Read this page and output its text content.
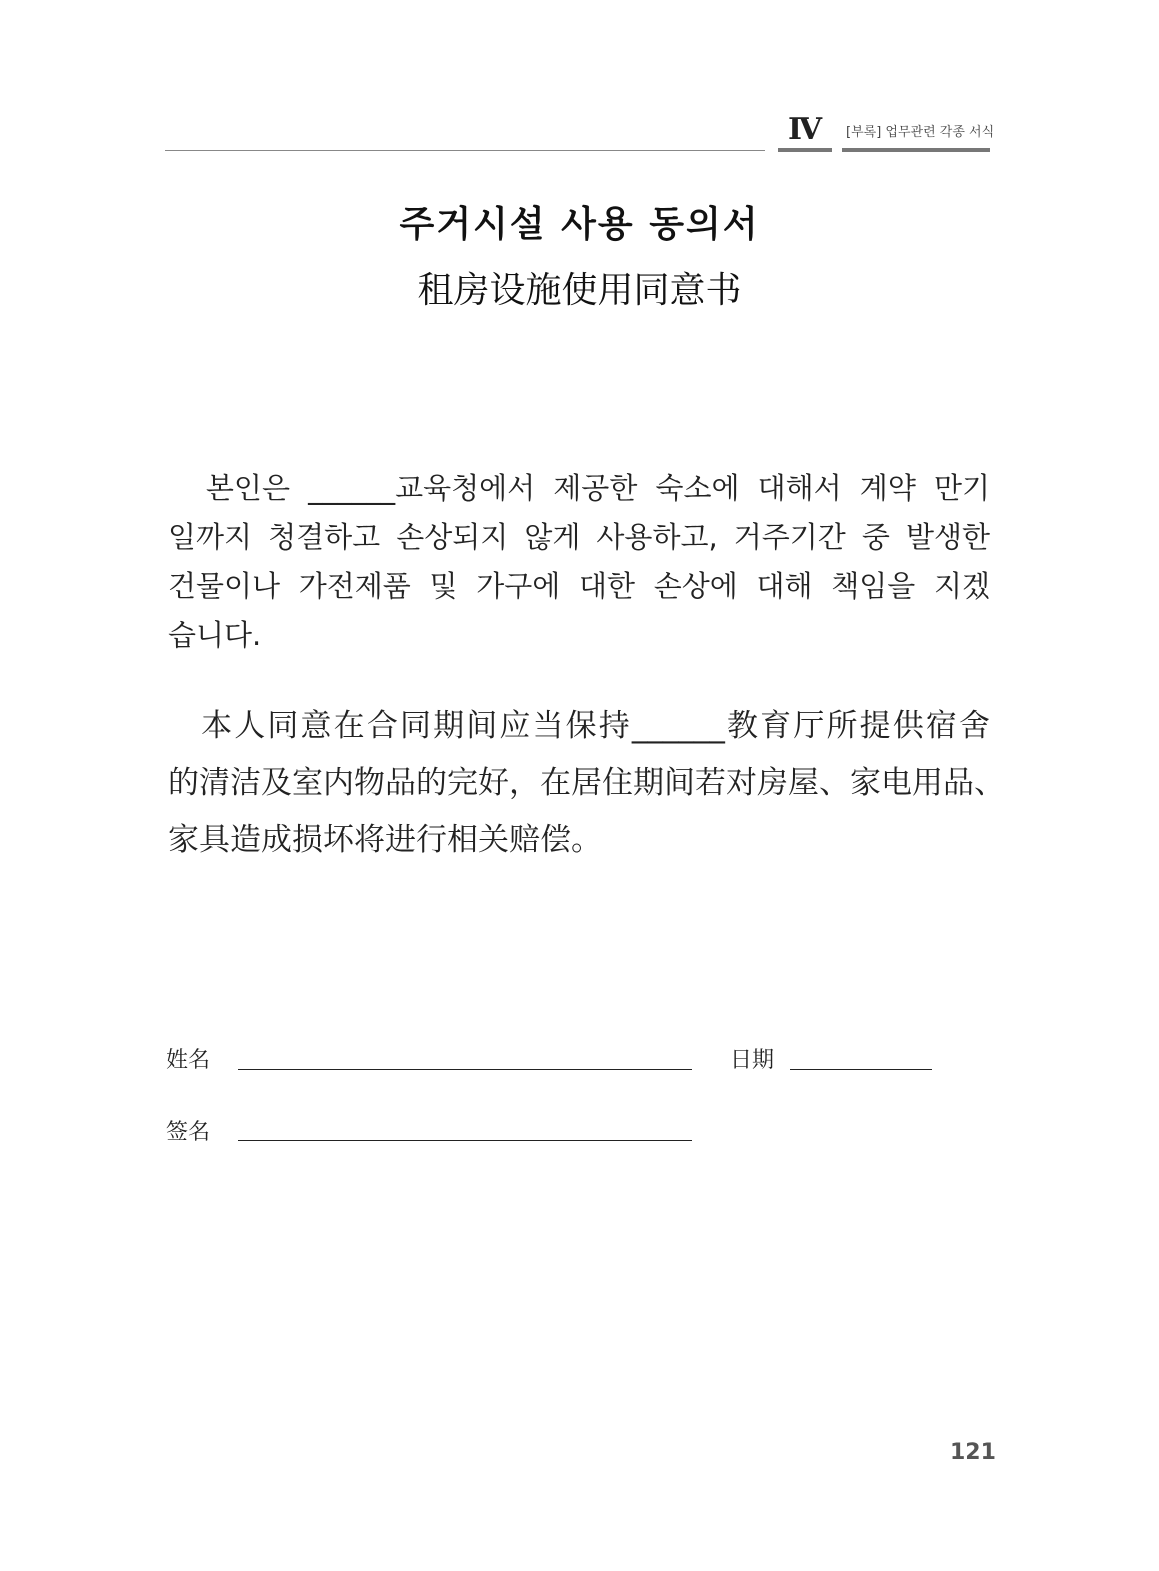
Ⅳ	[부록] 업무관련 각종 서식
주거시설 사용 동의서
租房设施使用同意书
　본인은 ______교육청에서 제공한 숙소에 대해서 계약 만기
일까지 청결하고 손상되지 않게 사용하고, 거주기간 중 발생한
건물이나 가전제품 및 가구에 대한 손상에 대해 책임을 지겠
습니다.
　本人同意在合同期间应当保持______教育厅所提供宿舍
的清洁及室内物品的完好，在居住期间若对房屋、家电用品、
家具造成损坏将进行相关赔偿。
姓名	日期
签名
121
